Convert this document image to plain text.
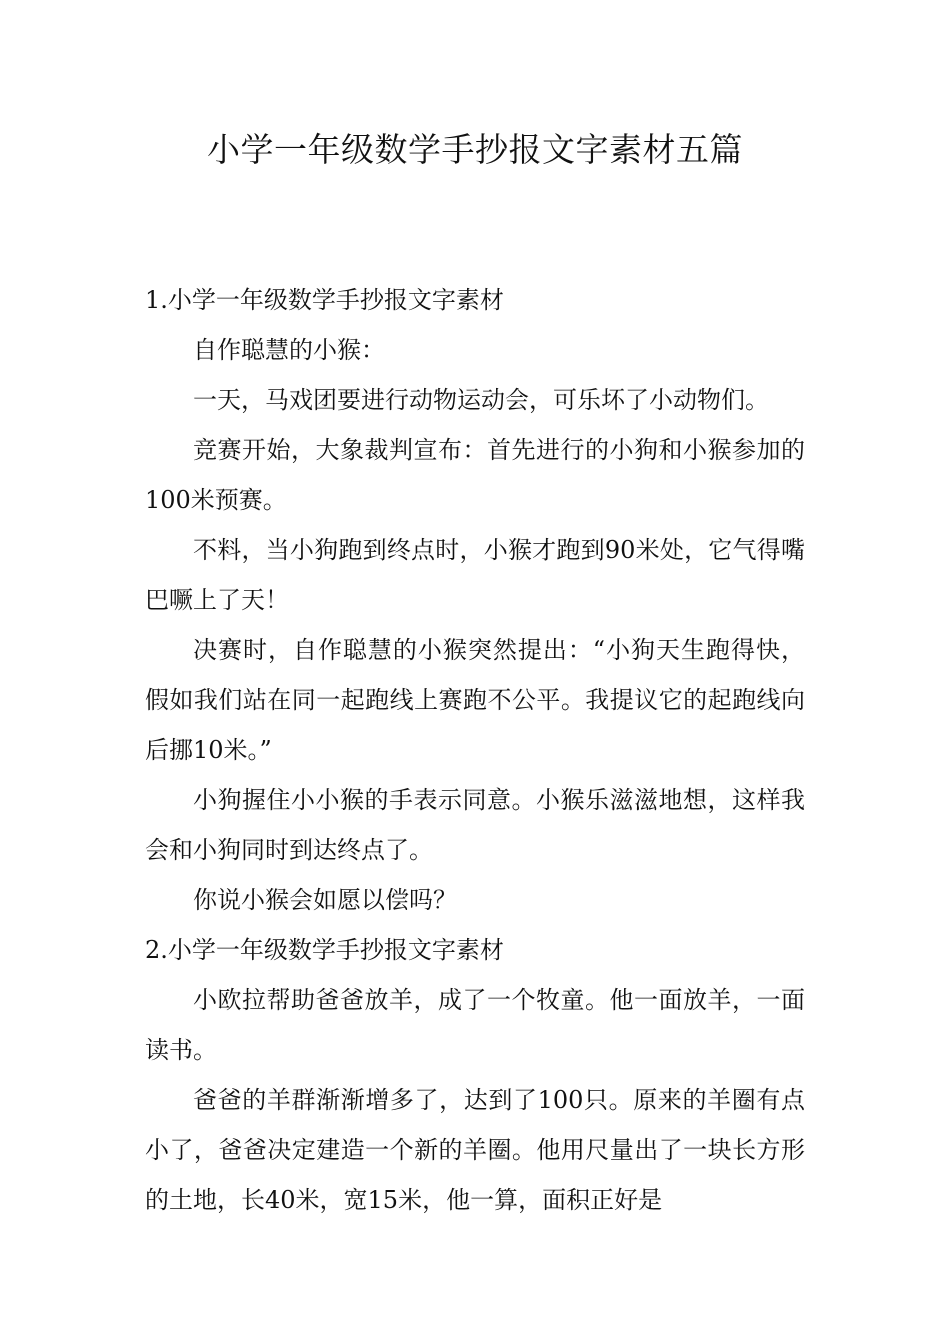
小学一年级数学手抄报文字素材五篇

1.小学一年级数学手抄报文字素材

自作聪慧的小猴：

一天，马戏团要进行动物运动会，可乐坏了小动物们。

竞赛开始，大象裁判宣布：首先进行的小狗和小猴参加的100米预赛。

不料，当小狗跑到终点时，小猴才跑到90米处，它气得嘴巴噘上了天！

决赛时，自作聪慧的小猴突然提出：“小狗天生跑得快，假如我们站在同一起跑线上赛跑不公平。我提议它的起跑线向后挪10米。”

小狗握住小小猴的手表示同意。小猴乐滋滋地想，这样我会和小狗同时到达终点了。

你说小猴会如愿以偿吗？

2.小学一年级数学手抄报文字素材

小欧拉帮助爸爸放羊，成了一个牧童。他一面放羊，一面读书。

爸爸的羊群渐渐增多了，达到了100只。原来的羊圈有点小了，爸爸决定建造一个新的羊圈。他用尺量出了一块长方形的土地，长40米，宽15米，他一算，面积正好是
